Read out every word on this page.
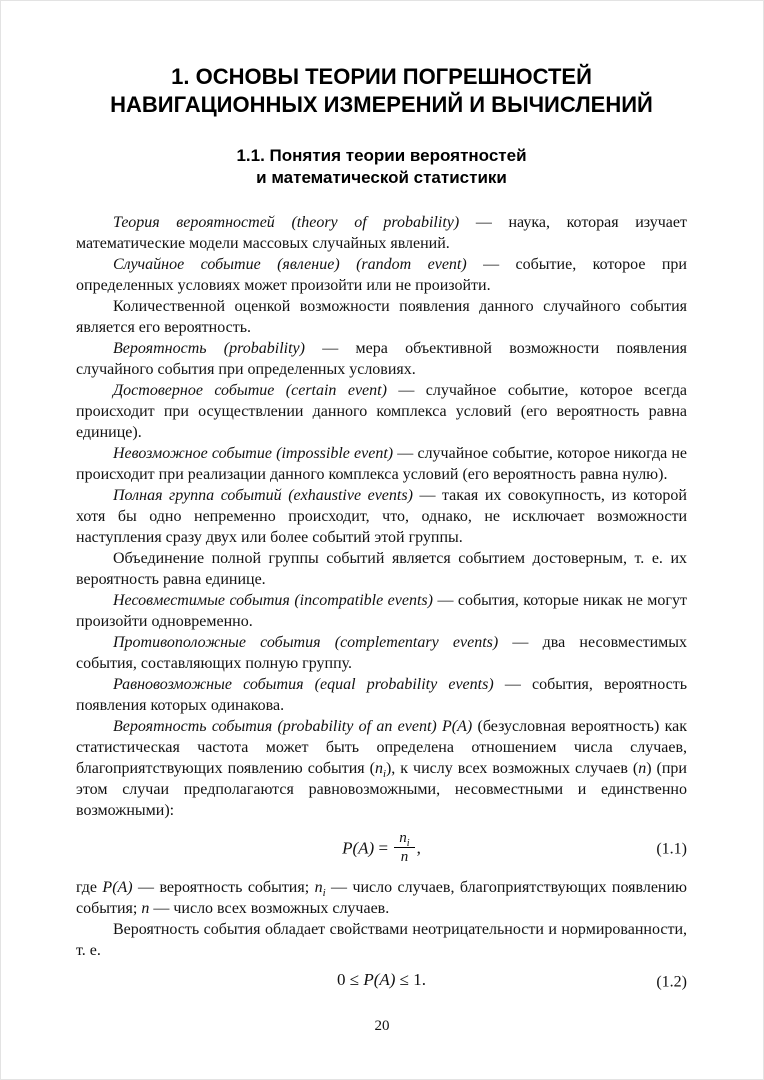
1. ОСНОВЫ ТЕОРИИ ПОГРЕШНОСТЕЙ
НАВИГАЦИОННЫХ ИЗМЕРЕНИЙ И ВЫЧИСЛЕНИЙ
1.1. Понятия теории вероятностей
и математической статистики

Теория вероятностей (theory of probability) — наука, которая изучает математические модели массовых случайных явлений.

Случайное событие (явление) (random event) — событие, которое при определенных условиях может произойти или не произойти.

Количественной оценкой возможности появления данного случайного события является его вероятность.

Вероятность (probability) — мера объективной возможности появления случайного события при определенных условиях.

Достоверное событие (certain event) — случайное событие, которое всегда происходит при осуществлении данного комплекса условий (его вероятность равна единице).

Невозможное событие (impossible event) — случайное событие, которое никогда не происходит при реализации данного комплекса условий (его вероятность равна нулю).

Полная группа событий (exhaustive events) — такая их совокупность, из которой хотя бы одно непременно происходит, что, однако, не исключает возможности наступления сразу двух или более событий этой группы.

Объединение полной группы событий является событием достоверным, т. е. их вероятность равна единице.

Несовместимые события (incompatible events) — события, которые никак не могут произойти одновременно.

Противоположные события (complementary events) — два несовместимых события, составляющих полную группу.

Равновозможные события (equal probability events) — события, вероятность появления которых одинакова.

Вероятность события (probability of an event) P(A) (безусловная вероятность) как статистическая частота может быть определена отношением числа случаев, благоприятствующих появлению события $(n_i)$, к числу всех возможных случаев (n) (при этом случаи предполагаются равновозможными, несовместными и единственно возможными):

$P(A) = \frac{n_i}{n}$ ,	(1.1)

где P(A) — вероятность события; $n_i$ — число случаев, благоприятствующих появлению события; n — число всех возможных случаев.

Вероятность события обладает свойствами неотрицательности и нормированности, т. е.

0 ≤ P(A) ≤ 1.	(1.2)
20
